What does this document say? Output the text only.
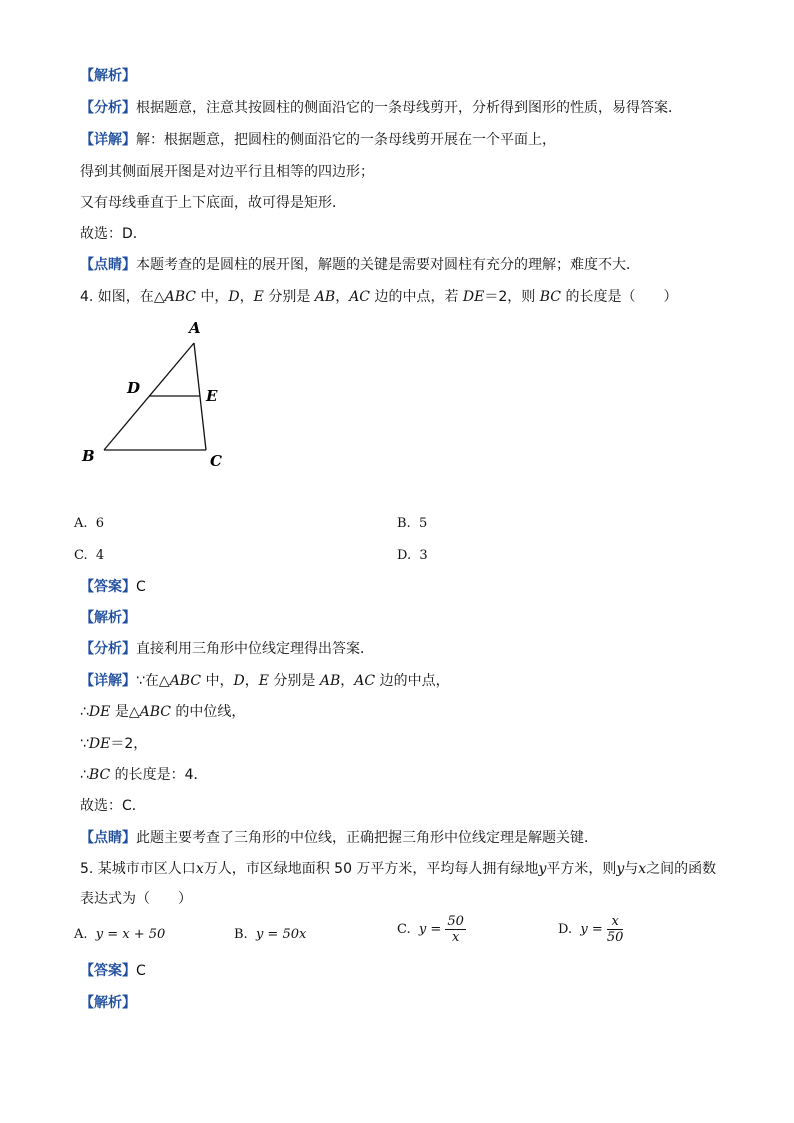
【解析】
【分析】根据题意，注意其按圆柱的侧面沿它的一条母线剪开，分析得到图形的性质，易得答案．
【详解】解：根据题意，把圆柱的侧面沿它的一条母线剪开展在一个平面上，
得到其侧面展开图是对边平行且相等的四边形；
又有母线垂直于上下底面，故可得是矩形．
故选：D．
【点睛】本题考查的是圆柱的展开图，解题的关键是需要对圆柱有充分的理解；难度不大．
4. 如图，在△ABC 中，D，E 分别是 AB，AC 边的中点，若 DE＝2，则 BC 的长度是（　　）
A
D	E
B	C
A. 6	B. 5
C. 4	D. 3
【答案】C
【解析】
【分析】直接利用三角形中位线定理得出答案．
【详解】∵在△ABC 中，D，E 分别是 AB，AC 边的中点，
∴DE 是△ABC 的中位线，
∵DE＝2，
∴BC 的长度是：4．
故选：C．
【点睛】此题主要考查了三角形的中位线，正确把握三角形中位线定理是解题关键．
5. 某城市市区人口x万人，市区绿地面积 50 万平方米，平均每人拥有绿地y平方米，则y与x之间的函数
表达式为（　　）
A. y = x + 50	B. y = 50x	C. $y = \frac{50}{x}$	D. $y = \frac{x}{50}$
【答案】C
【解析】
